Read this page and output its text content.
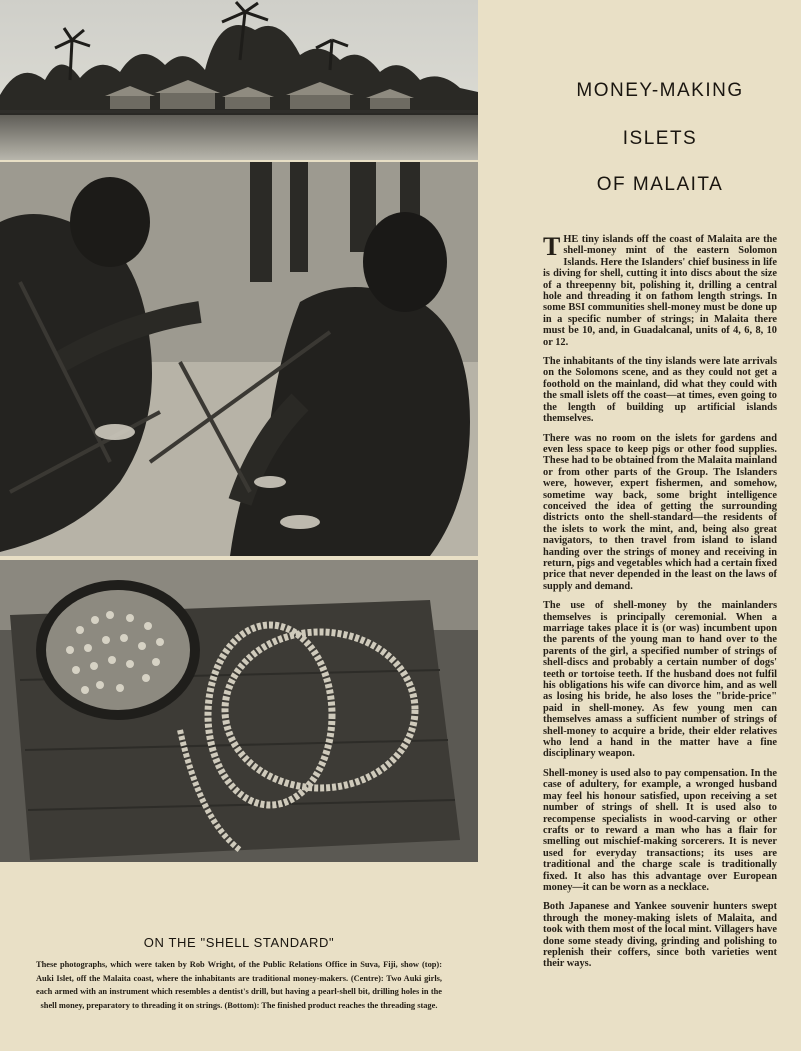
MONEY-MAKING
ISLETS
OF MALAITA

THE tiny islands off the coast of Malaita are the shell-money mint of the eastern Solomon Islands. Here the Islanders' chief business in life is diving for shell, cutting it into discs about the size of a threepenny bit, polishing it, drilling a central hole and threading it on fathom length strings. In some BSI communities shell-money must be done up in a specific number of strings; in Malaita there must be 10, and, in Guadalcanal, units of 4, 6, 8, 10 or 12.

The inhabitants of the tiny islands were late arrivals on the Solomons scene, and as they could not get a foothold on the mainland, did what they could with the small islets off the coast—at times, even going to the length of building up artificial islands themselves.

There was no room on the islets for gardens and even less space to keep pigs or other food supplies. These had to be obtained from the Malaita mainland or from other parts of the Group. The Islanders were, however, expert fishermen, and somehow, sometime way back, some bright intelligence conceived the idea of getting the surrounding districts onto the shell-standard—the residents of the islets to work the mint, and, being also great navigators, to then travel from island to island handing over the strings of money and receiving in return, pigs and vegetables which had a certain fixed price that never depended in the least on the laws of supply and demand.

The use of shell-money by the mainlanders themselves is principally ceremonial. When a marriage takes place it is (or was) incumbent upon the parents of the young man to hand over to the parents of the girl, a specified number of strings of shell-discs and probably a certain number of dogs' teeth or tortoise teeth. If the husband does not fulfil his obligations his wife can divorce him, and as well as losing his bride, he also loses the "bride-price" paid in shell-money. As few young men can themselves amass a sufficient number of strings of shell-money to acquire a bride, their elder relatives who lend a hand in the matter have a fine disciplinary weapon.

Shell-money is used also to pay compensation. In the case of adultery, for example, a wronged husband may feel his honour satisfied, upon receiving a set number of strings of shell. It is used also to recompense specialists in wood-carving or other crafts or to reward a man who has a flair for smelling out mischief-making sorcerers. It is never used for everyday transactions; its uses are traditional and the charge scale is traditionally fixed. It also has this advantage over European money—it can be worn as a necklace.

Both Japanese and Yankee souvenir hunters swept through the money-making islets of Malaita, and took with them most of the local mint. Villagers have done some steady diving, grinding and polishing to replenish their coffers, since both varieties went their ways.

ON THE "SHELL STANDARD"
These photographs, which were taken by Rob Wright, of the Public Relations Office in Suva, Fiji, show (top): Auki Islet, off the Malaita coast, where the inhabitants are traditional money-makers. (Centre): Two Auki girls, each armed with an instrument which resembles a dentist's drill, but having a pearl-shell bit, drilling holes in the shell money, preparatory to threading it on strings. (Bottom): The finished product reaches the threading stage.
